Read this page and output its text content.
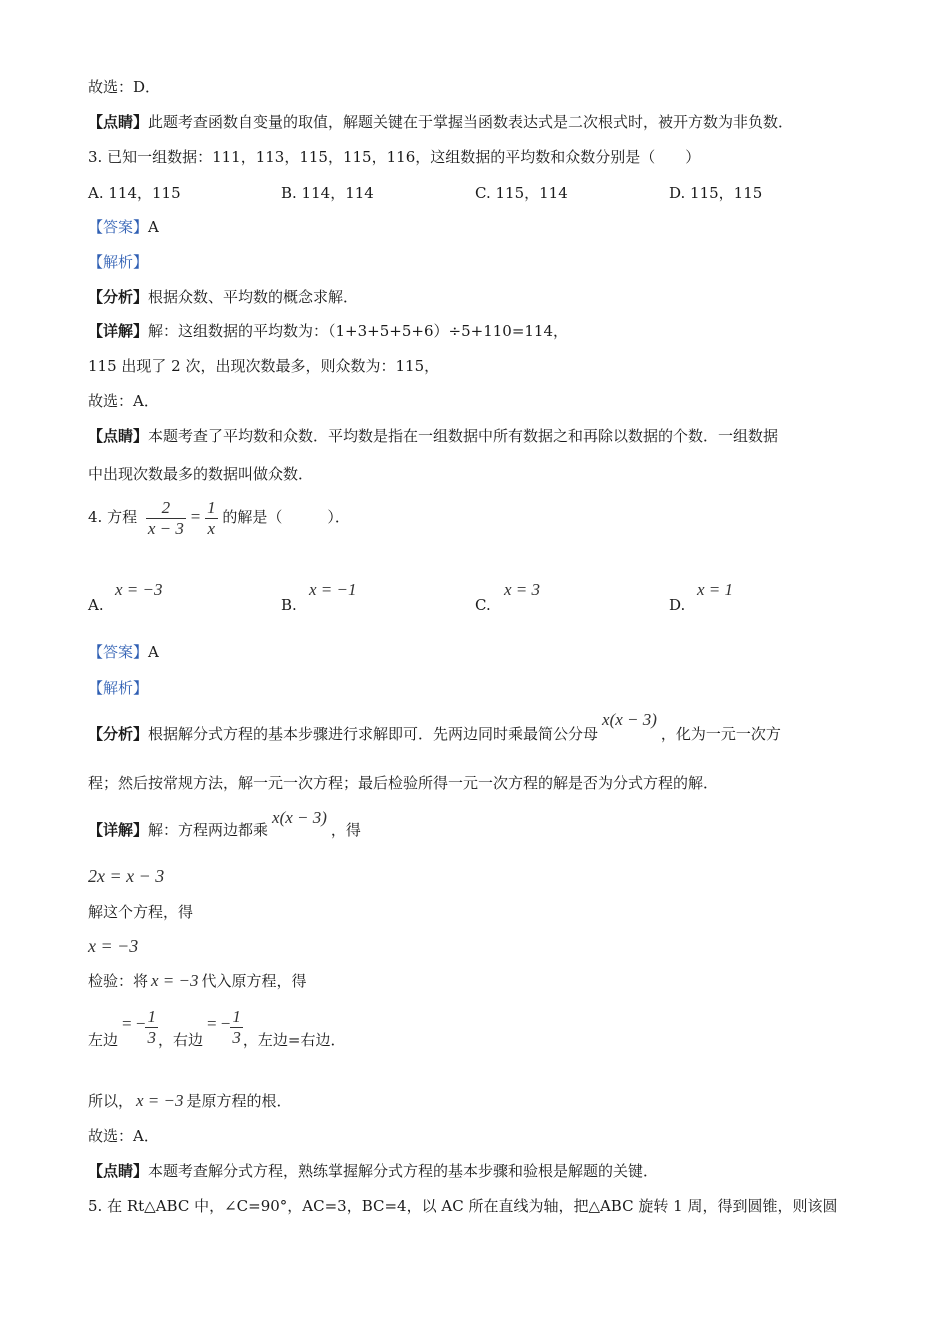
故选：D．
【点睛】此题考查函数自变量的取值，解题关键在于掌握当函数表达式是二次根式时，被开方数为非负数．
3. 已知一组数据：111，113，115，115，116，这组数据的平均数和众数分别是（　　）
A. 114，115	B. 114，114	C. 115，114	D. 115，115
【答案】A
【解析】
【分析】根据众数、平均数的概念求解．
【详解】解：这组数据的平均数为：（1+3+5+5+6）÷5+110=114，
115 出现了 2 次，出现次数最多，则众数为：115，
故选：A．
【点睛】本题考查了平均数和众数．平均数是指在一组数据中所有数据之和再除以数据的个数．一组数据
中出现次数最多的数据叫做众数．
4. 方程 $\frac{2}{x - 3} = \frac{1}{x}$ 的解是（　　　）．
A.
x = −3
B.
x = −1
C.
x = 3
D.
x = 1
【答案】A
【解析】
【分析】根据解分式方程的基本步骤进行求解即可．先两边同时乘最简公分母x(x − 3)，化为一元一次方
程；然后按常规方法，解一元一次方程；最后检验所得一元一次方程的解是否为分式方程的解．
【详解】解：方程两边都乘x(x − 3)，得
2x = x − 3
解这个方程，得
x = −3
检验：将 x = −3 代入原方程，得
左边= − $\frac{1}{3}$ ，右边= − $\frac{1}{3}$ ，左边=右边．
所以， x = −3 是原方程的根．
故选：A．
【点睛】本题考查解分式方程，熟练掌握解分式方程的基本步骤和验根是解题的关键．
5. 在 Rt△ABC 中，∠C=90°，AC=3，BC=4，以 AC 所在直线为轴，把△ABC 旋转 1 周，得到圆锥，则该圆
